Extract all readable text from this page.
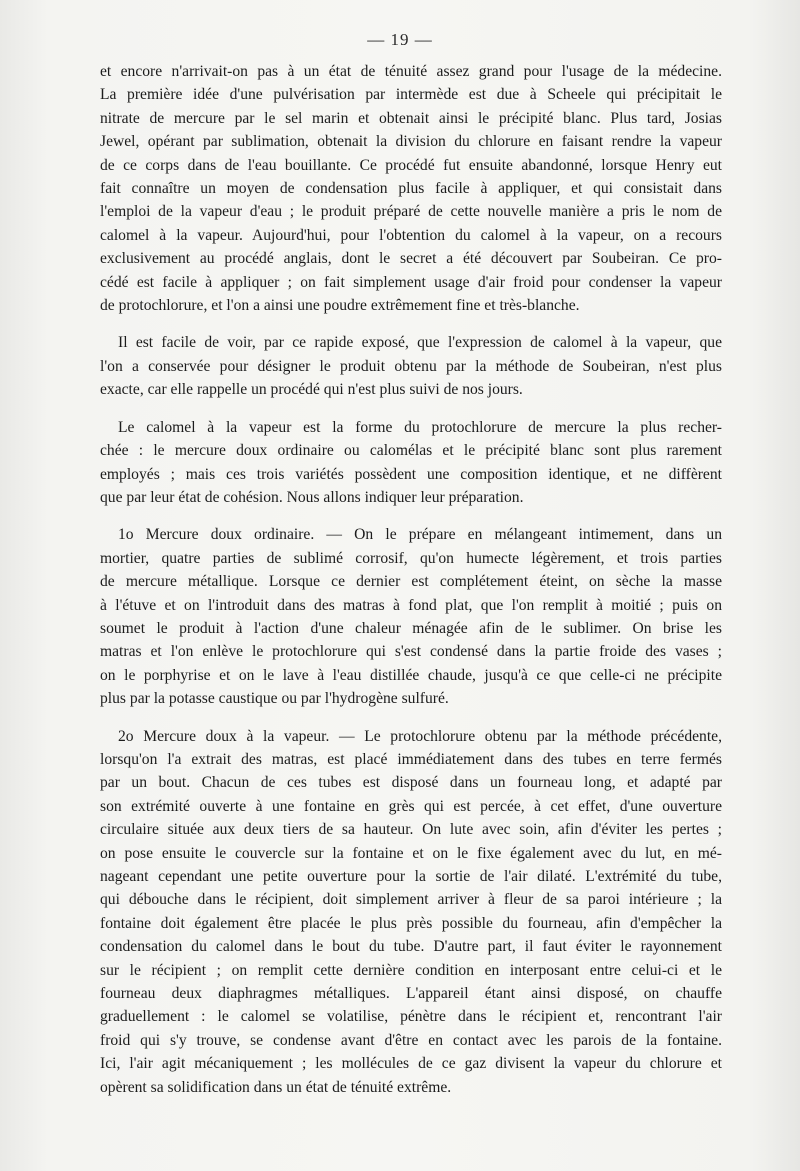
— 19 —
et encore n'arrivait-on pas à un état de ténuité assez grand pour l'usage de la médecine.
La première idée d'une pulvérisation par intermède est due à Scheele qui précipitait le
nitrate de mercure par le sel marin et obtenait ainsi le précipité blanc. Plus tard, Josias
Jewel, opérant par sublimation, obtenait la division du chlorure en faisant rendre la vapeur
de ce corps dans de l'eau bouillante. Ce procédé fut ensuite abandonné, lorsque Henry eut
fait connaître un moyen de condensation plus facile à appliquer, et qui consistait dans
l'emploi de la vapeur d'eau ; le produit préparé de cette nouvelle manière a pris le nom de
calomel à la vapeur. Aujourd'hui, pour l'obtention du calomel à la vapeur, on a recours
exclusivement au procédé anglais, dont le secret a été découvert par Soubeiran. Ce pro-
cédé est facile à appliquer ; on fait simplement usage d'air froid pour condenser la vapeur
de protochlorure, et l'on a ainsi une poudre extrêmement fine et très-blanche.
Il est facile de voir, par ce rapide exposé, que l'expression de calomel à la vapeur, que
l'on a conservée pour désigner le produit obtenu par la méthode de Soubeiran, n'est plus
exacte, car elle rappelle un procédé qui n'est plus suivi de nos jours.
Le calomel à la vapeur est la forme du protochlorure de mercure la plus recher-
chée : le mercure doux ordinaire ou calomélas et le précipité blanc sont plus rarement
employés ; mais ces trois variétés possèdent une composition identique, et ne diffèrent
que par leur état de cohésion. Nous allons indiquer leur préparation.
1o Mercure doux ordinaire. — On le prépare en mélangeant intimement, dans un
mortier, quatre parties de sublimé corrosif, qu'on humecte légèrement, et trois parties
de mercure métallique. Lorsque ce dernier est complétement éteint, on sèche la masse
à l'étuve et on l'introduit dans des matras à fond plat, que l'on remplit à moitié ; puis on
soumet le produit à l'action d'une chaleur ménagée afin de le sublimer. On brise les
matras et l'on enlève le protochlorure qui s'est condensé dans la partie froide des vases ;
on le porphyrise et on le lave à l'eau distillée chaude, jusqu'à ce que celle-ci ne précipite
plus par la potasse caustique ou par l'hydrogène sulfuré.
2o Mercure doux à la vapeur. — Le protochlorure obtenu par la méthode précédente,
lorsqu'on l'a extrait des matras, est placé immédiatement dans des tubes en terre fermés
par un bout. Chacun de ces tubes est disposé dans un fourneau long, et adapté par
son extrémité ouverte à une fontaine en grès qui est percée, à cet effet, d'une ouverture
circulaire située aux deux tiers de sa hauteur. On lute avec soin, afin d'éviter les pertes ;
on pose ensuite le couvercle sur la fontaine et on le fixe également avec du lut, en mé-
nageant cependant une petite ouverture pour la sortie de l'air dilaté. L'extrémité du tube,
qui débouche dans le récipient, doit simplement arriver à fleur de sa paroi intérieure ; la
fontaine doit également être placée le plus près possible du fourneau, afin d'empêcher la
condensation du calomel dans le bout du tube. D'autre part, il faut éviter le rayonnement
sur le récipient ; on remplit cette dernière condition en interposant entre celui-ci et le
fourneau deux diaphragmes métalliques. L'appareil étant ainsi disposé, on chauffe
graduellement : le calomel se volatilise, pénètre dans le récipient et, rencontrant l'air
froid qui s'y trouve, se condense avant d'être en contact avec les parois de la fontaine.
Ici, l'air agit mécaniquement ; les mollécules de ce gaz divisent la vapeur du chlorure et
opèrent sa solidification dans un état de ténuité extrême.
